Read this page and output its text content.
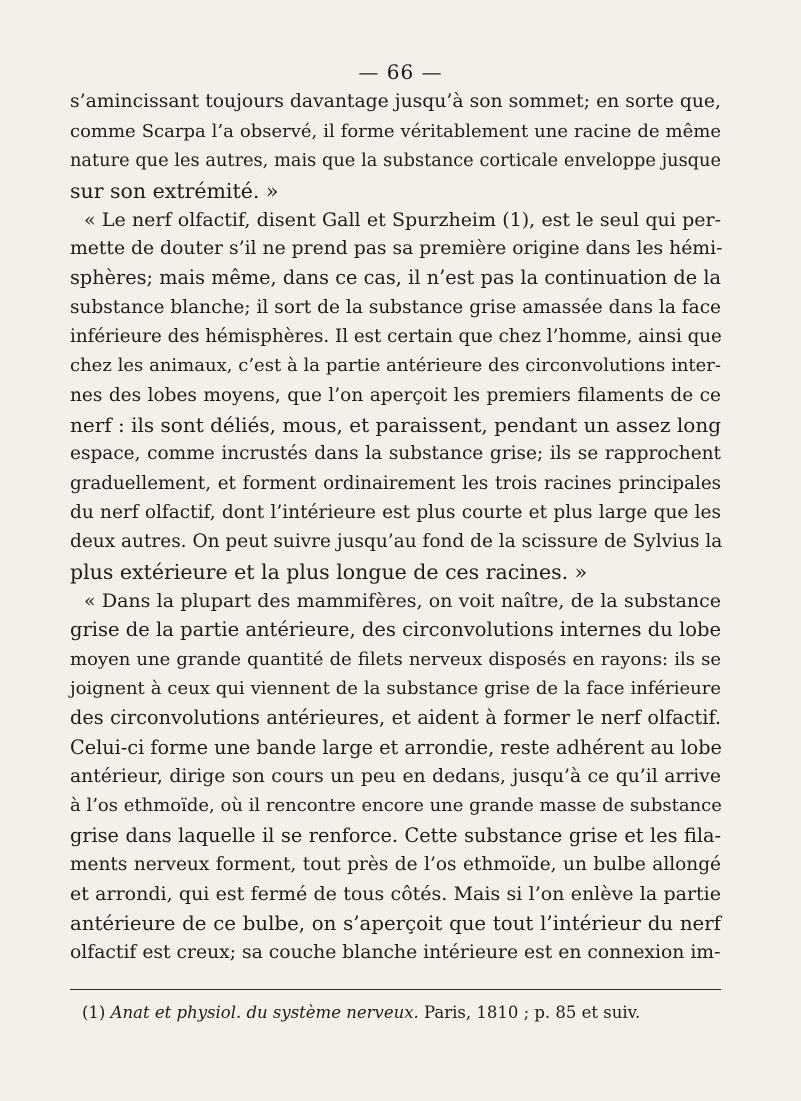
— 66 —
s’amincissant toujours davantage jusqu’à son sommet; en sorte que,
comme Scarpa l’a observé, il forme véritablement une racine de même
nature que les autres, mais que la substance corticale enveloppe jusque
sur son extrémité. »
« Le nerf olfactif, disent Gall et Spurzheim (1), est le seul qui per-
mette de douter s’il ne prend pas sa première origine dans les hémi-
sphères; mais même, dans ce cas, il n’est pas la continuation de la
substance blanche; il sort de la substance grise amassée dans la face
inférieure des hémisphères. Il est certain que chez l’homme, ainsi que
chez les animaux, c’est à la partie antérieure des circonvolutions inter-
nes des lobes moyens, que l’on aperçoit les premiers filaments de ce
nerf : ils sont déliés, mous, et paraissent, pendant un assez long
espace, comme incrustés dans la substance grise; ils se rapprochent
graduellement, et forment ordinairement les trois racines principales
du nerf olfactif, dont l’intérieure est plus courte et plus large que les
deux autres. On peut suivre jusqu’au fond de la scissure de Sylvius la
plus extérieure et la plus longue de ces racines. »
« Dans la plupart des mammifères, on voit naître, de la substance
grise de la partie antérieure, des circonvolutions internes du lobe
moyen une grande quantité de filets nerveux disposés en rayons: ils se
joignent à ceux qui viennent de la substance grise de la face inférieure
des circonvolutions antérieures, et aident à former le nerf olfactif.
Celui-ci forme une bande large et arrondie, reste adhérent au lobe
antérieur, dirige son cours un peu en dedans, jusqu’à ce qu’il arrive
à l’os ethmoïde, où il rencontre encore une grande masse de substance
grise dans laquelle il se renforce. Cette substance grise et les fila-
ments nerveux forment, tout près de l’os ethmoïde, un bulbe allongé
et arrondi, qui est fermé de tous côtés. Mais si l’on enlève la partie
antérieure de ce bulbe, on s’aperçoit que tout l’intérieur du nerf
olfactif est creux; sa couche blanche intérieure est en connexion im-
(1) Anat et physiol. du système nerveux. Paris, 1810 ; p. 85 et suiv.
